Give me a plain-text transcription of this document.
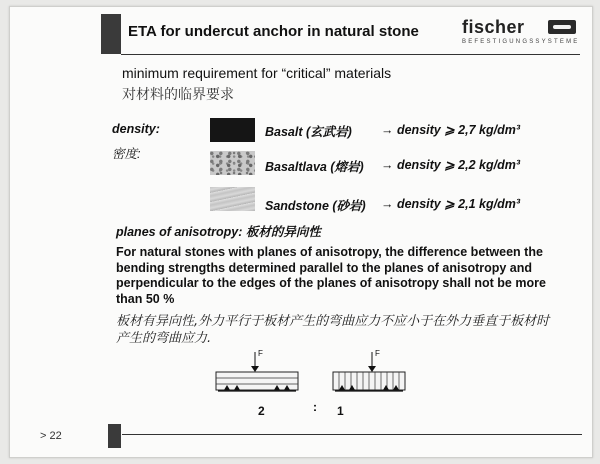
ETA for undercut anchor in natural stone fischer
BEFESTIGUNGSSYSTEME
minimum requirement for “critical” materials
对材料的临界要求
density:
密度:
Basalt (玄武岩) → density ⩾ 2,7 kg/dm³
Basaltlava (熔岩) → density ⩾ 2,2 kg/dm³
Sandstone (砂岩) → density ⩾ 2,1 kg/dm³
planes of anisotropy: 板材的异向性
For natural stones with planes of anisotropy, the difference between the bending strengths determined parallel to the planes of anisotropy and perpendicular to the edges of the planes of anisotropy shall not be more than 50 %
板材有异向性,外力平行于板材产生的弯曲应力不应小于在外力垂直于板材时产生的弯曲应力.
F	F
2	: 1
> 22
